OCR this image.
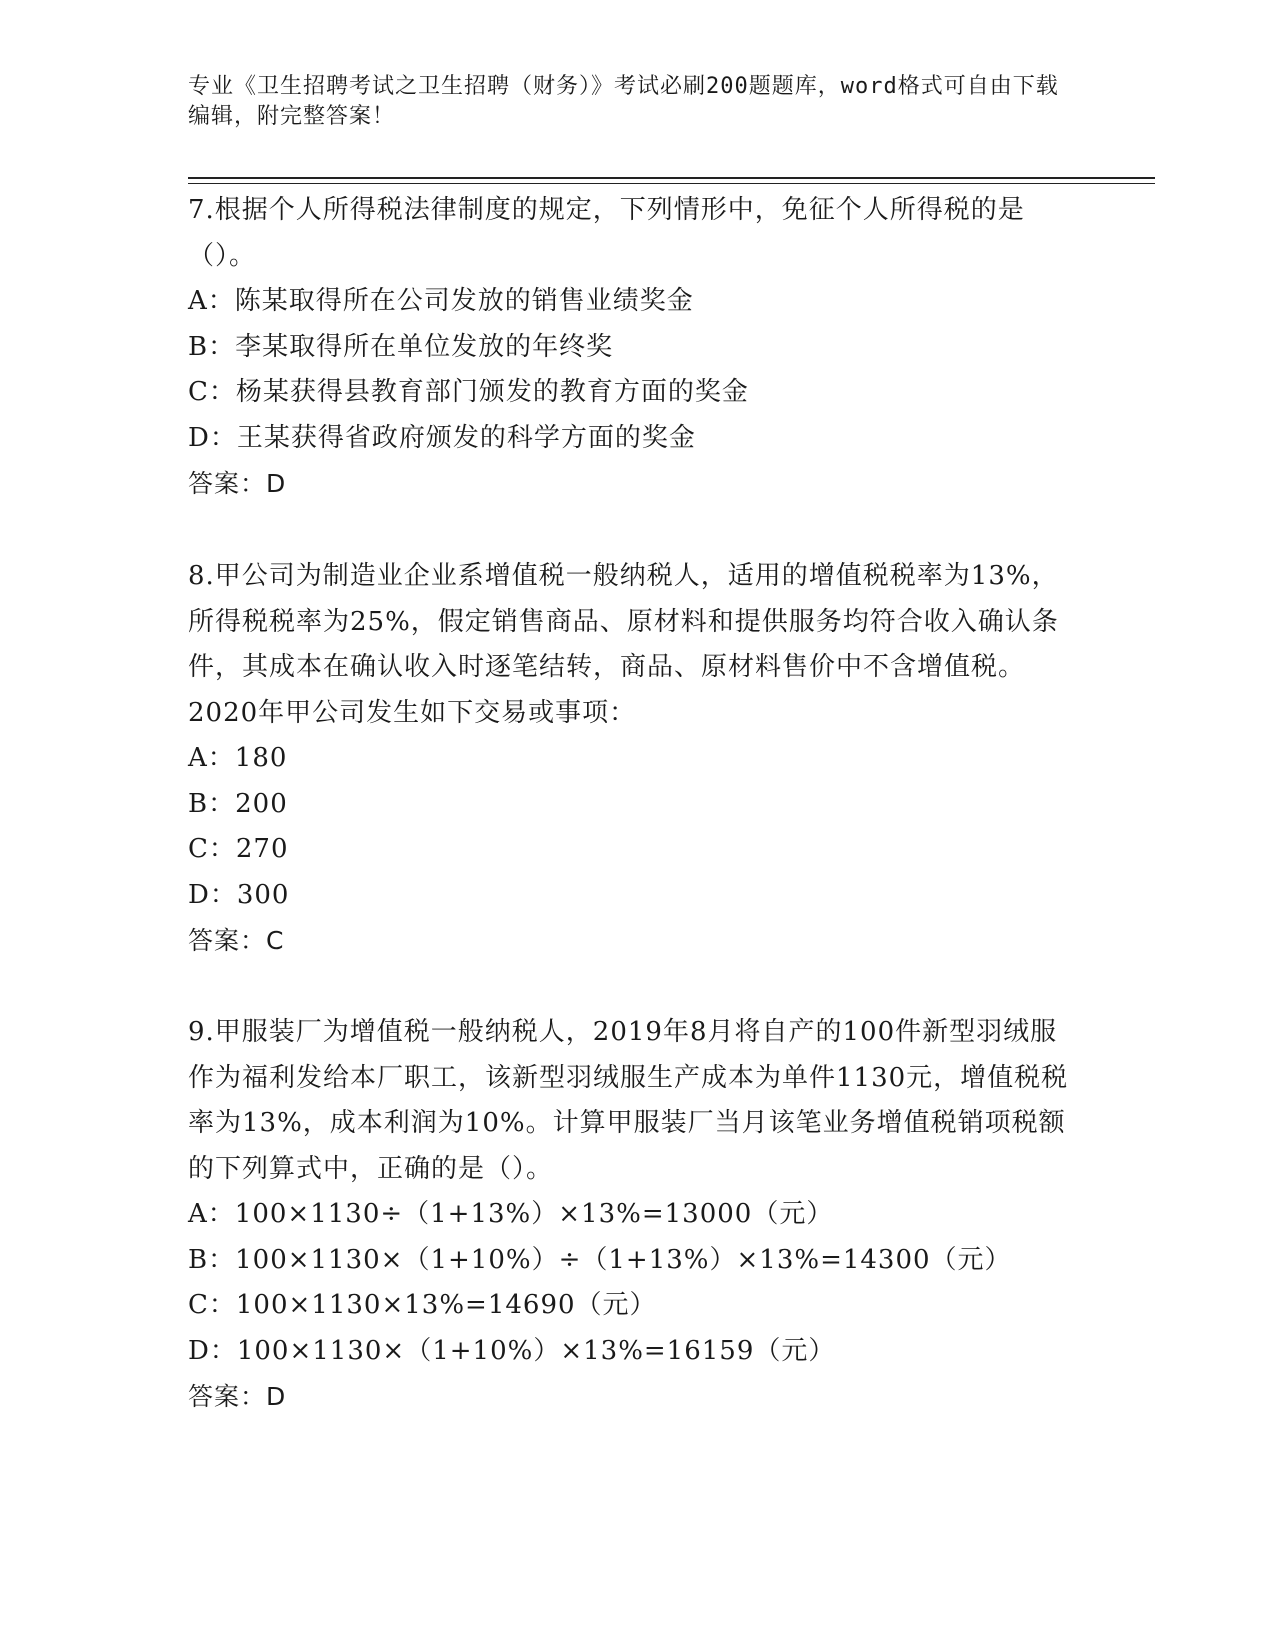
专业《卫生招聘考试之卫生招聘（财务）》考试必刷200题题库，word格式可自由下载编辑，附完整答案！

7.根据个人所得税法律制度的规定，下列情形中，免征个人所得税的是（）。

A：陈某取得所在公司发放的销售业绩奖金

B：李某取得所在单位发放的年终奖

C：杨某获得县教育部门颁发的教育方面的奖金

D：王某获得省政府颁发的科学方面的奖金

答案：D

8.甲公司为制造业企业系增值税一般纳税人，适用的增值税税率为13%，所得税税率为25%，假定销售商品、原材料和提供服务均符合收入确认条件，其成本在确认收入时逐笔结转，商品、原材料售价中不含增值税。2020年甲公司发生如下交易或事项：

A：180

B：200

C：270

D：300

答案：C

9.甲服装厂为增值税一般纳税人，2019年8月将自产的100件新型羽绒服作为福利发给本厂职工，该新型羽绒服生产成本为单件1130元，增值税税率为13%，成本利润为10%。计算甲服装厂当月该笔业务增值税销项税额的下列算式中，正确的是（）。

A：100×1130÷（1+13%）×13%=13000（元）

B：100×1130×（1+10%）÷（1+13%）×13%=14300（元）

C：100×1130×13%=14690（元）

D：100×1130×（1+10%）×13%=16159（元）

答案：D
